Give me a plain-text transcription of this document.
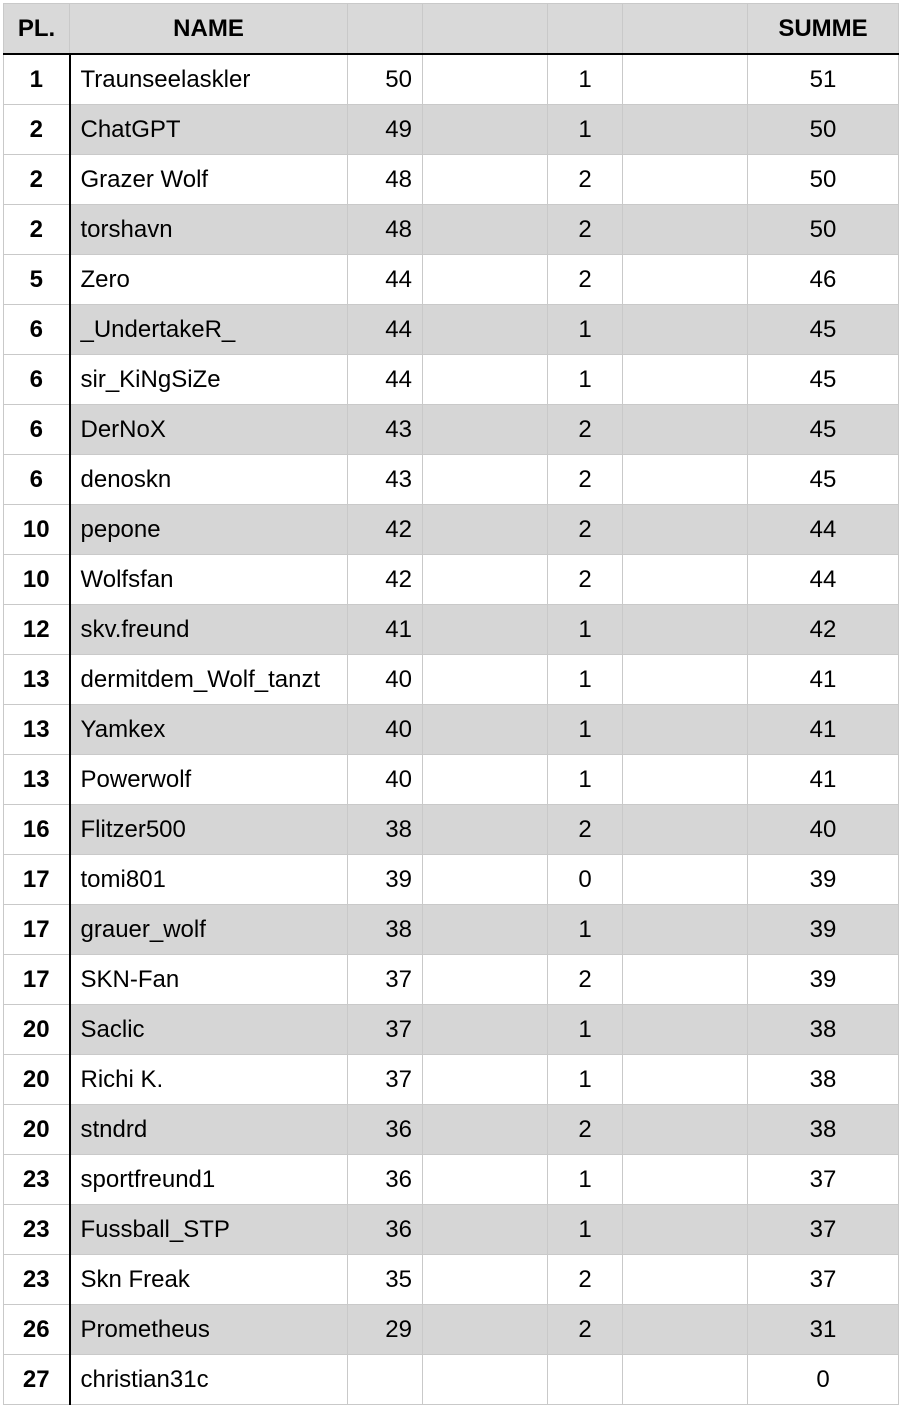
PL.	NAME					SUMME
1	Traunseelaskler	50		1		51
2	ChatGPT	49		1		50
2	Grazer Wolf	48		2		50
2	torshavn	48		2		50
5	Zero	44		2		46
6	_UndertakeR_	44		1		45
6	sir_KiNgSiZe	44		1		45
6	DerNoX	43		2		45
6	denoskn	43		2		45
10	pepone	42		2		44
10	Wolfsfan	42		2		44
12	skv.freund	41		1		42
13	dermitdem_Wolf_tanzt	40		1		41
13	Yamkex	40		1		41
13	Powerwolf	40		1		41
16	Flitzer500	38		2		40
17	tomi801	39		0		39
17	grauer_wolf	38		1		39
17	SKN-Fan	37		2		39
20	Saclic	37		1		38
20	Richi K.	37		1		38
20	stndrd	36		2		38
23	sportfreund1	36		1		37
23	Fussball_STP	36		1		37
23	Skn Freak	35		2		37
26	Prometheus	29		2		31
27	christian31c					0
